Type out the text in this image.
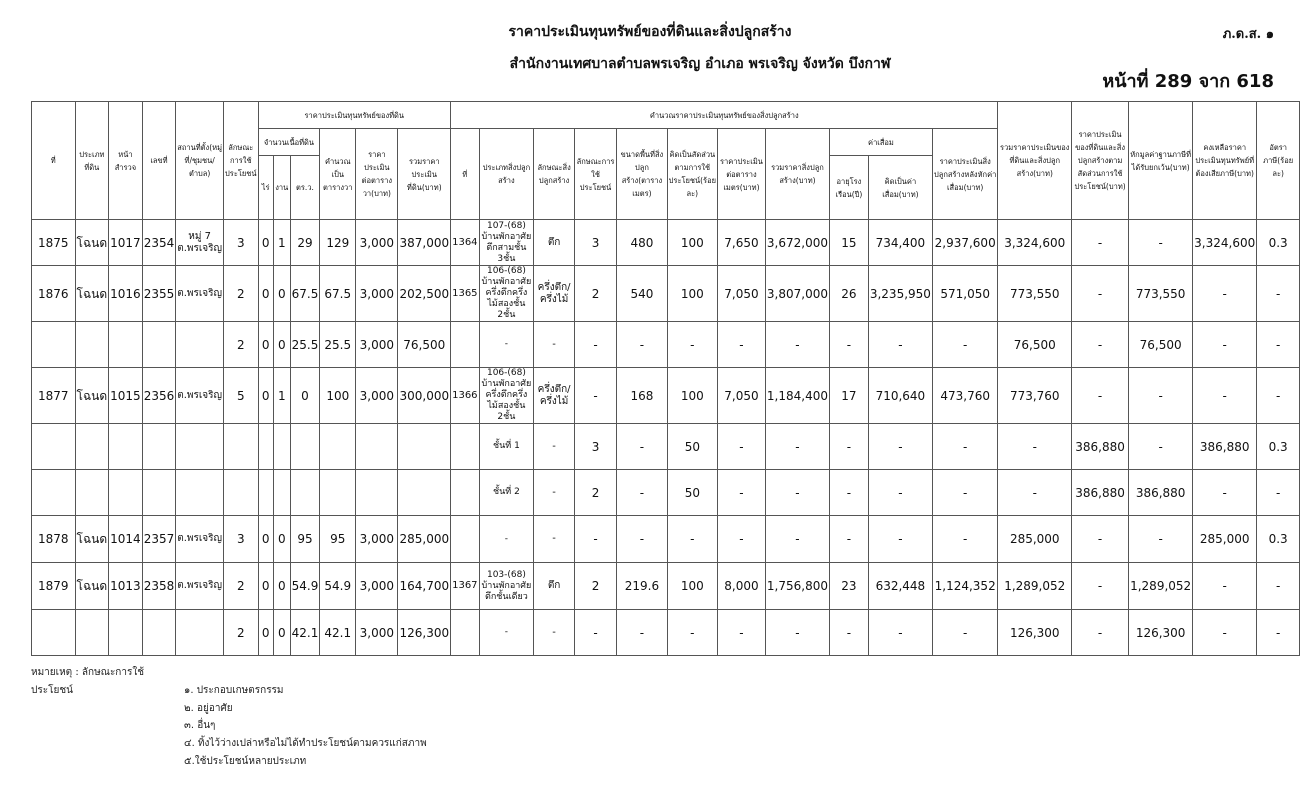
ราคาประเมินทุนทรัพย์ของที่ดินและสิ่งปลูกสร้าง
สำนักงานเทศบาลตำบลพรเจริญ อำเภอ พรเจริญ จังหวัด บึงกาฬ
ภ.ด.ส. ๑
หน้าที่ 289 จาก 618
ที่	ประเภทที่ดิน	หน้าสำรวจ	เลขที่	สถานที่ตั้ง(หมู่ที่/ชุมชน/ตำบล)	ลักษณะการใช้ประโยชน์	ราคาประเมินทุนทรัพย์ของที่ดิน						คำนวณราคาประเมินทุนทรัพย์ของสิ่งปลูกสร้าง											รวมราคาประเมินของที่ดินและสิ่งปลูกสร้าง(บาท)	ราคาประเมินของที่ดินและสิ่งปลูกสร้างตามสัดส่วนการใช้ประโยชน์(บาท)	หักมูลค่าฐานภาษีที่ได้รับยกเว้น(บาท)	คงเหลือราคาประเมินทุนทรัพย์ที่ต้องเสียภาษี(บาท)	อัตราภาษี(ร้อยละ)
						จำนวนเนื้อที่ดิน			คำนวณเป็นตารางวา	ราคาประเมินต่อตารางวา(บาท)	รวมราคาประเมินที่ดิน(บาท)	ที่	ประเภทสิ่งปลูกสร้าง	ลักษณะสิ่งปลูกสร้าง	ลักษณะการใช้ประโยชน์	ขนาดพื้นที่สิ่งปลูกสร้าง(ตารางเมตร)	คิดเป็นสัดส่วนตามการใช้ประโยชน์(ร้อยละ)	ราคาประเมินต่อตารางเมตร(บาท)	รวมราคาสิ่งปลูกสร้าง(บาท)	ค่าเสื่อม		ราคาประเมินสิ่งปลูกสร้างหลังหักค่าเสื่อม(บาท)					
						ไร่	งาน	ตร.ว.												อายุโรงเรือน(ปี)	คิดเป็นค่าเสื่อม(บาท)						
1875	โฉนด	1017	2354	หมู่ 7 ต.พรเจริญ	3	0	1	29	129	3,000	387,000	1364	107-(68) บ้านพักอาศัยตึกสามชั้น 3ชั้น	ตึก	3	480	100	7,650	3,672,000	15	734,400	2,937,600	3,324,600	-	-	3,324,600	0.3
1876	โฉนด	1016	2355	ต.พรเจริญ	2	0	0	67.5	67.5	3,000	202,500	1365	106-(68) บ้านพักอาศัยครึ่งตึกครึ่งไม้สองชั้น 2ชั้น	ครึ่งตึก/ครึ่งไม้	2	540	100	7,050	3,807,000	26	3,235,950	571,050	773,550	-	773,550	-	-
					2	0	0	25.5	25.5	3,000	76,500		-	-	-	-	-	-	-	-	-	-	76,500	-	76,500	-	-
1877	โฉนด	1015	2356	ต.พรเจริญ	5	0	1	0	100	3,000	300,000	1366	106-(68) บ้านพักอาศัยครึ่งตึกครึ่งไม้สองชั้น 2ชั้น	ครึ่งตึก/ครึ่งไม้	-	168	100	7,050	1,184,400	17	710,640	473,760	773,760	-	-	-	-
													ชั้นที่ 1	-	3	-	50	-	-	-	-	-	-	386,880	-	386,880	0.3
													ชั้นที่ 2	-	2	-	50	-	-	-	-	-	-	386,880	386,880	-	-
1878	โฉนด	1014	2357	ต.พรเจริญ	3	0	0	95	95	3,000	285,000		-	-	-	-	-	-	-	-	-	-	285,000	-	-	285,000	0.3
1879	โฉนด	1013	2358	ต.พรเจริญ	2	0	0	54.9	54.9	3,000	164,700	1367	103-(68) บ้านพักอาศัยตึกชั้นเดียว	ตึก	2	219.6	100	8,000	1,756,800	23	632,448	1,124,352	1,289,052	-	1,289,052	-	-
					2	0	0	42.1	42.1	3,000	126,300		-	-	-	-	-	-	-	-	-	-	126,300	-	126,300	-	-
หมายเหตุ : ลักษณะการใช้ประโยชน์	๑. ประกอบเกษตรกรรม
๒. อยู่อาศัย
๓. อื่นๆ
๔. ทิ้งไว้ว่างเปล่าหรือไม่ได้ทำประโยชน์ตามควรแก่สภาพ
๕.ใช้ประโยชน์หลายประเภท
